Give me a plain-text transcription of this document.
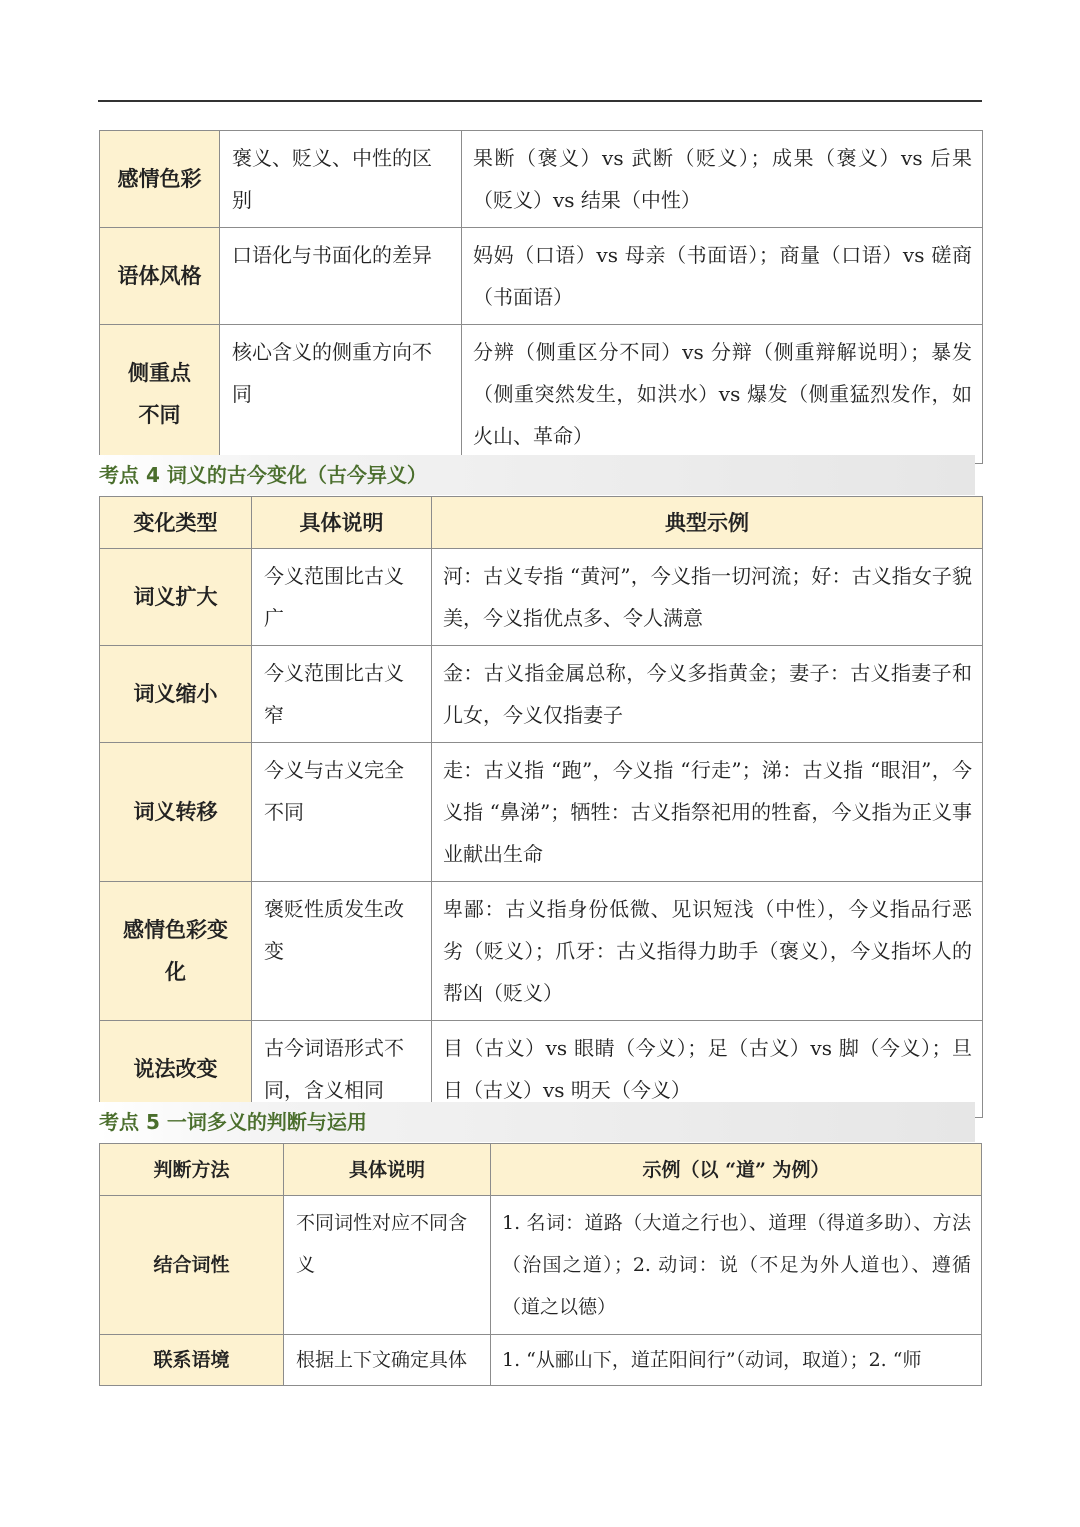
感情色彩	褒义、贬义、中性的区别	果断（褒义）vs 武断（贬义）；成果（褒义）vs 后果（贬义）vs 结果（中性）
语体风格	口语化与书面化的差异	妈妈（口语）vs 母亲（书面语）；商量（口语）vs 磋商（书面语）
侧重点不同	核心含义的侧重方向不同	分辨（侧重区分不同）vs 分辩（侧重辩解说明）；暴发（侧重突然发生，如洪水）vs 爆发（侧重猛烈发作，如火山、革命）
考点 4 词义的古今变化（古今异义）
变化类型	具体说明	典型示例
词义扩大	今义范围比古义广	河：古义专指 “黄河”，今义指一切河流；好：古义指女子貌美，今义指优点多、令人满意
词义缩小	今义范围比古义窄	金：古义指金属总称，今义多指黄金；妻子：古义指妻子和儿女，今义仅指妻子
词义转移	今义与古义完全不同	走：古义指 “跑”，今义指 “行走”；涕：古义指 “眼泪”，今义指 “鼻涕”；牺牲：古义指祭祀用的牲畜，今义指为正义事业献出生命
感情色彩变化	褒贬性质发生改变	卑鄙：古义指身份低微、见识短浅（中性），今义指品行恶劣（贬义）；爪牙：古义指得力助手（褒义），今义指坏人的帮凶（贬义）
说法改变	古今词语形式不同，含义相同	目（古义）vs 眼睛（今义）；足（古义）vs 脚（今义）；旦日（古义）vs 明天（今义）
考点 5 一词多义的判断与运用
判断方法	具体说明	示例（以 “道” 为例）
结合词性	不同词性对应不同含义	1. 名词：道路（大道之行也）、道理（得道多助）、方法（治国之道）；2. 动词：说（不足为外人道也）、遵循（道之以德）
联系语境	根据上下文确定具体	1. “从郦山下，道芷阳间行”（动词，取道）；2. “师
